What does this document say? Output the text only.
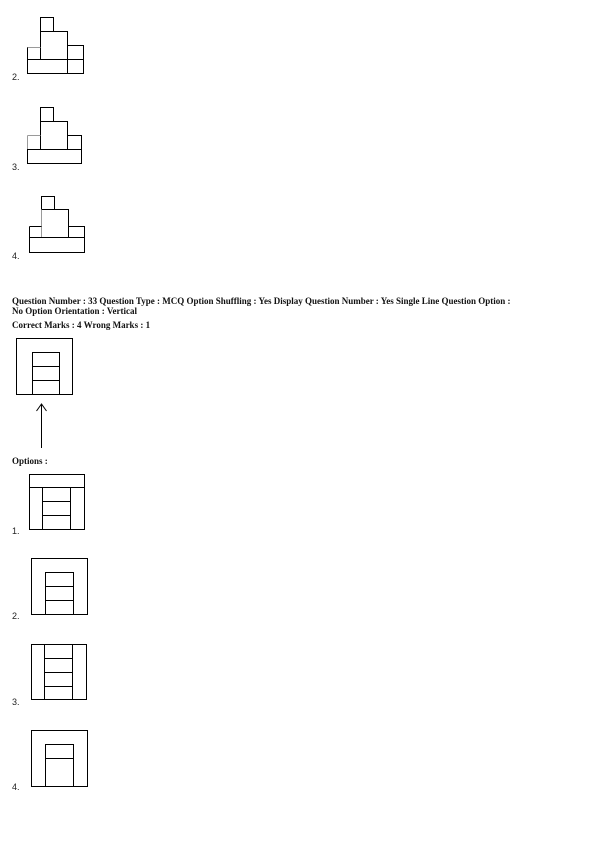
2.
3.
4.
Question Number : 33 Question Type : MCQ Option Shuffling : Yes Display Question Number : Yes Single Line Question Option :
No Option Orientation : Vertical
Correct Marks : 4 Wrong Marks : 1
Options :
1.
2.
3.
4.
